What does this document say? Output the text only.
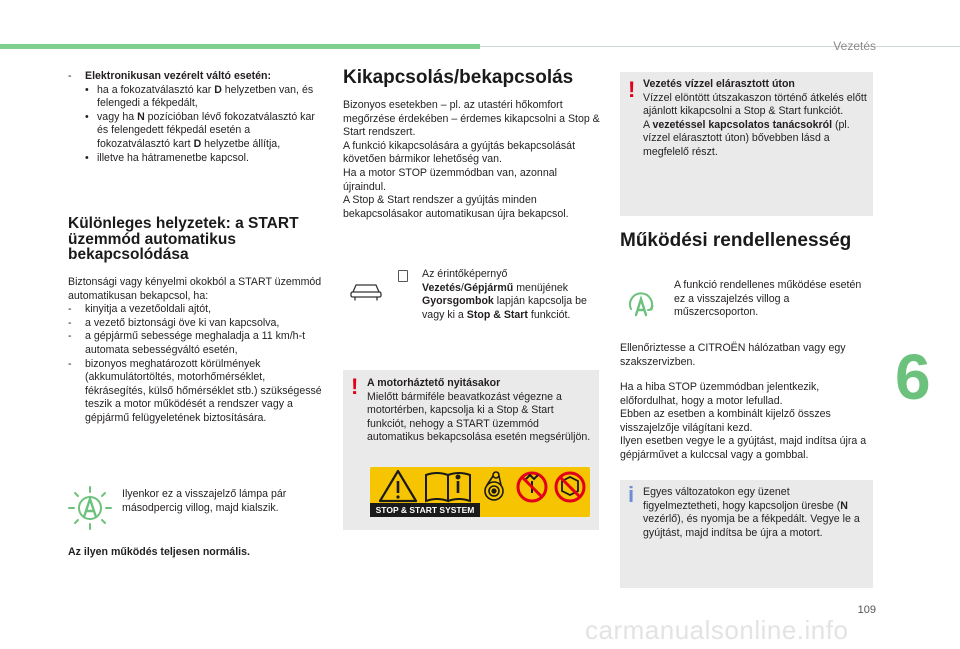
Vezetés
6
109
carmanualsonline.info
- Elektronikusan vezérelt váltó esetén:
• ha a fokozatválasztó kar D helyzetben van, és felengedi a fékpedált,
• vagy ha N pozícióban lévő fokozatválasztó kar és felengedett fékpedál esetén a fokozatválasztó kart D helyzetbe állítja,
• illetve ha hátramenetbe kapcsol.
Különleges helyzetek: a START üzemmód automatikus bekapcsolódása
Biztonsági vagy kényelmi okokból a START üzemmód automatikusan bekapcsol, ha:
- kinyitja a vezetőoldali ajtót,
- a vezető biztonsági öve ki van kapcsolva,
- a gépjármű sebessége meghaladja a 11 km/h-t automata sebességváltó esetén,
- bizonyos meghatározott körülmények (akkumulátortöltés, motorhőmérséklet, fékrásegítés, külső hőmérséklet stb.) szükségessé teszik a motor működését a rendszer vagy a gépjármű felügyeletének biztosítására.
Ilyenkor ez a visszajelző lámpa pár másodpercig villog, majd kialszik.
Az ilyen működés teljesen normális.
Kikapcsolás/bekapcsolás
Bizonyos esetekben – pl. az utastéri hőkomfort megőrzése érdekében – érdemes kikapcsolni a Stop & Start rendszert.
A funkció kikapcsolására a gyújtás bekapcsolását követően bármikor lehetőség van.
Ha a motor STOP üzemmódban van, azonnal újraindul.
A Stop & Start rendszer a gyújtás minden bekapcsolásakor automatikusan újra bekapcsol.
Az érintőképernyő Vezetés/Gépjármű menüjének Gyorsgombok lapján kapcsolja be vagy ki a Stop & Start funkciót.
! A motorháztető nyitásakor
Mielőtt bármiféle beavatkozást végezne a motortérben, kapcsolja ki a Stop & Start funkciót, nehogy a START üzemmód automatikus bekapcsolása esetén megsérüljön.
STOP & START SYSTEM
! Vezetés vízzel elárasztott úton
Vízzel elöntött útszakaszon történő átkelés előtt ajánlott kikapcsolni a Stop & Start funkciót.
A vezetéssel kapcsolatos tanácsokról (pl. vízzel elárasztott úton) bővebben lásd a megfelelő részt.
Működési rendellenesség
A funkció rendellenes működése esetén ez a visszajelzés villog a műszercsoporton.
Ellenőriztesse a CITROËN hálózatban vagy egy szakszervizben.
Ha a hiba STOP üzemmódban jelentkezik, előfordulhat, hogy a motor lefullad.
Ebben az esetben a kombinált kijelző összes visszajelzője világítani kezd.
Ilyen esetben vegye le a gyújtást, majd indítsa újra a gépjárművet a kulccsal vagy a gombbal.
i Egyes változatokon egy üzenet figyelmeztetheti, hogy kapcsoljon üresbe (N vezérlő), és nyomja be a fékpedált. Vegye le a gyújtást, majd indítsa be újra a motort.
